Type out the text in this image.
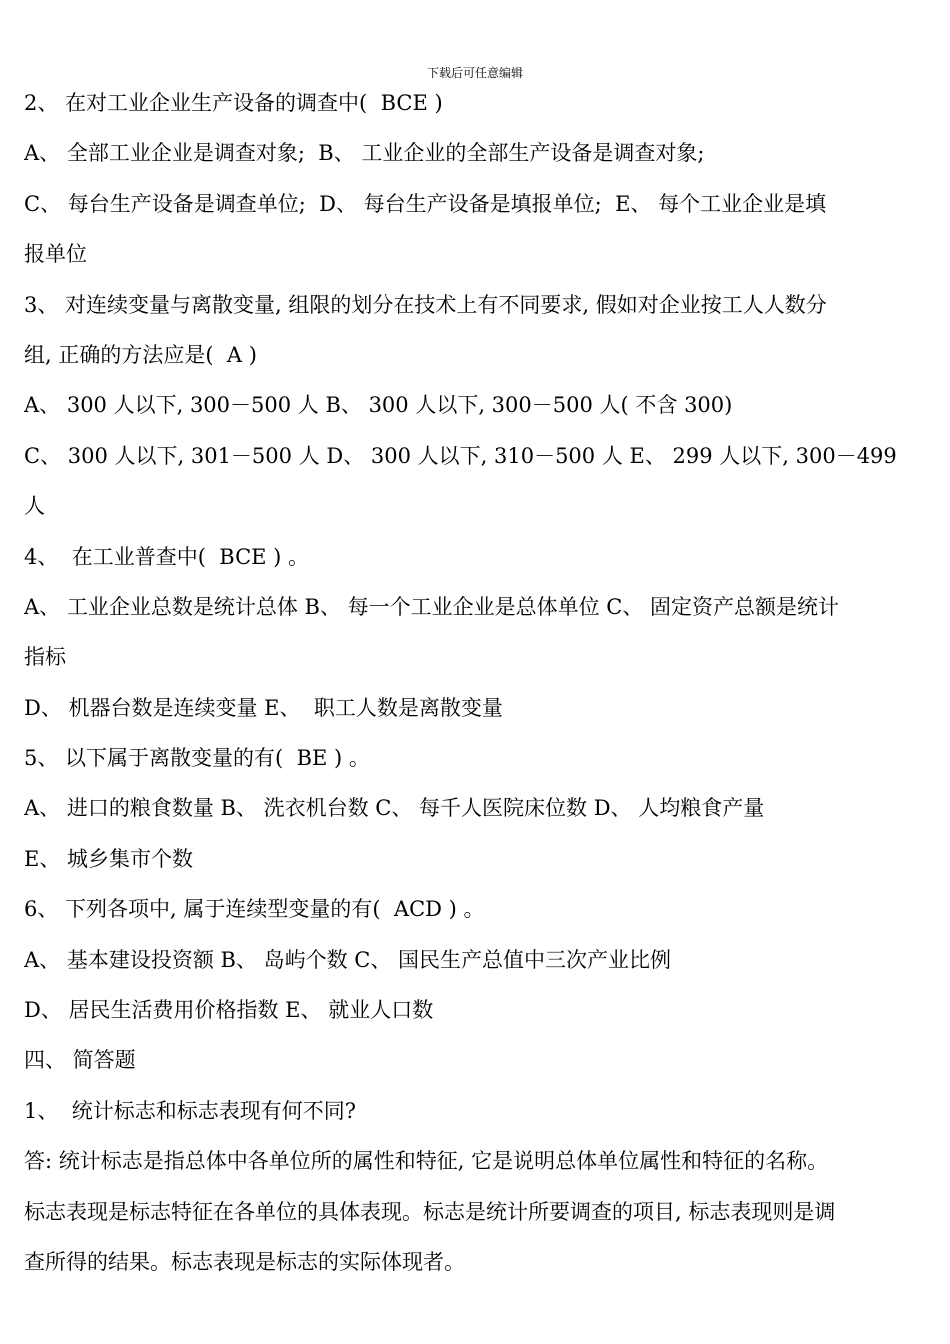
下载后可任意编辑
2、 在对工业企业生产设备的调查中(  BCE )
A、 全部工业企业是调查对象;  B、 工业企业的全部生产设备是调查对象;
C、 每台生产设备是调查单位;  D、 每台生产设备是填报单位;  E、 每个工业企业是填
报单位
3、 对连续变量与离散变量, 组限的划分在技术上有不同要求, 假如对企业按工人人数分
组, 正确的方法应是(  A )
A、 300 人以下, 300－500 人 B、 300 人以下, 300－500 人( 不含 300)
C、 300 人以下, 301－500 人 D、 300 人以下, 310－500 人 E、 299 人以下, 300－499
人
4、  在工业普查中(  BCE ) 。
A、 工业企业总数是统计总体 B、 每一个工业企业是总体单位 C、 固定资产总额是统计
指标
D、 机器台数是连续变量 E、  职工人数是离散变量
5、 以下属于离散变量的有(  BE ) 。
A、 进口的粮食数量 B、 洗衣机台数 C、 每千人医院床位数 D、 人均粮食产量
E、 城乡集市个数
6、 下列各项中, 属于连续型变量的有(  ACD ) 。
A、 基本建设投资额 B、 岛屿个数 C、 国民生产总值中三次产业比例
D、 居民生活费用价格指数 E、 就业人口数
四、 简答题
1、  统计标志和标志表现有何不同?
答: 统计标志是指总体中各单位所的属性和特征, 它是说明总体单位属性和特征的名称。
标志表现是标志特征在各单位的具体表现。标志是统计所要调查的项目, 标志表现则是调
查所得的结果。标志表现是标志的实际体现者。
